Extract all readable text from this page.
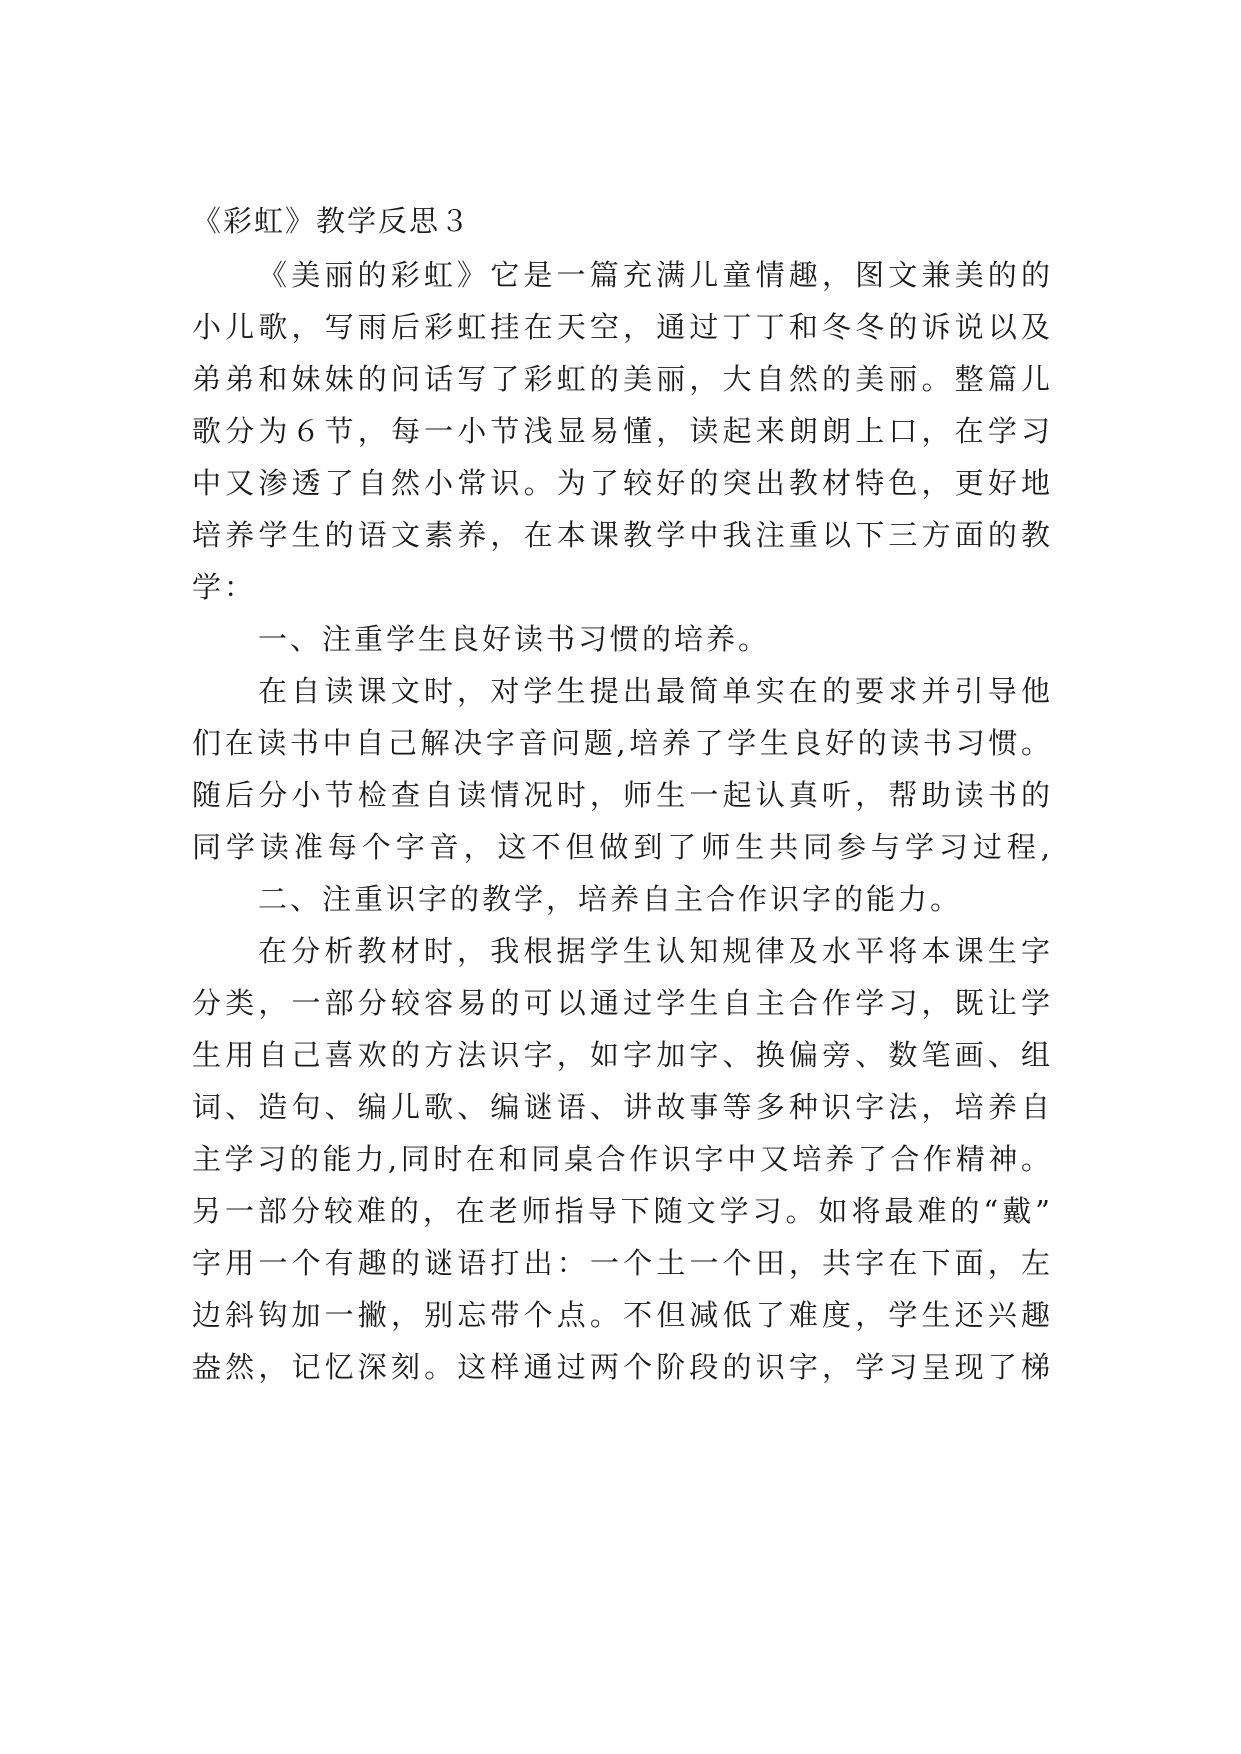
《彩虹》教学反思３
《美丽的彩虹》它是一篇充满儿童情趣，图文兼美的的
小儿歌，写雨后彩虹挂在天空，通过丁丁和冬冬的诉说以及
弟弟和妹妹的问话写了彩虹的美丽，大自然的美丽。整篇儿
歌分为６节，每一小节浅显易懂，读起来朗朗上口，在学习
中又渗透了自然小常识。为了较好的突出教材特色，更好地
培养学生的语文素养，在本课教学中我注重以下三方面的教
学：
一、注重学生良好读书习惯的培养。
在自读课文时，对学生提出最简单实在的要求并引导他
们在读书中自己解决字音问题,培养了学生良好的读书习惯。
随后分小节检查自读情况时，师生一起认真听，帮助读书的
同学读准每个字音，这不但做到了师生共同参与学习过程,
二、注重识字的教学，培养自主合作识字的能力。
在分析教材时，我根据学生认知规律及水平将本课生字
分类，一部分较容易的可以通过学生自主合作学习，既让学
生用自己喜欢的方法识字，如字加字、换偏旁、数笔画、组
词、造句、编儿歌、编谜语、讲故事等多种识字法，培养自
主学习的能力,同时在和同桌合作识字中又培养了合作精神。
另一部分较难的，在老师指导下随文学习。如将最难的“戴”
字用一个有趣的谜语打出：一个土一个田，共字在下面，左
边斜钩加一撇，别忘带个点。不但减低了难度，学生还兴趣
盎然，记忆深刻。这样通过两个阶段的识字，学习呈现了梯
